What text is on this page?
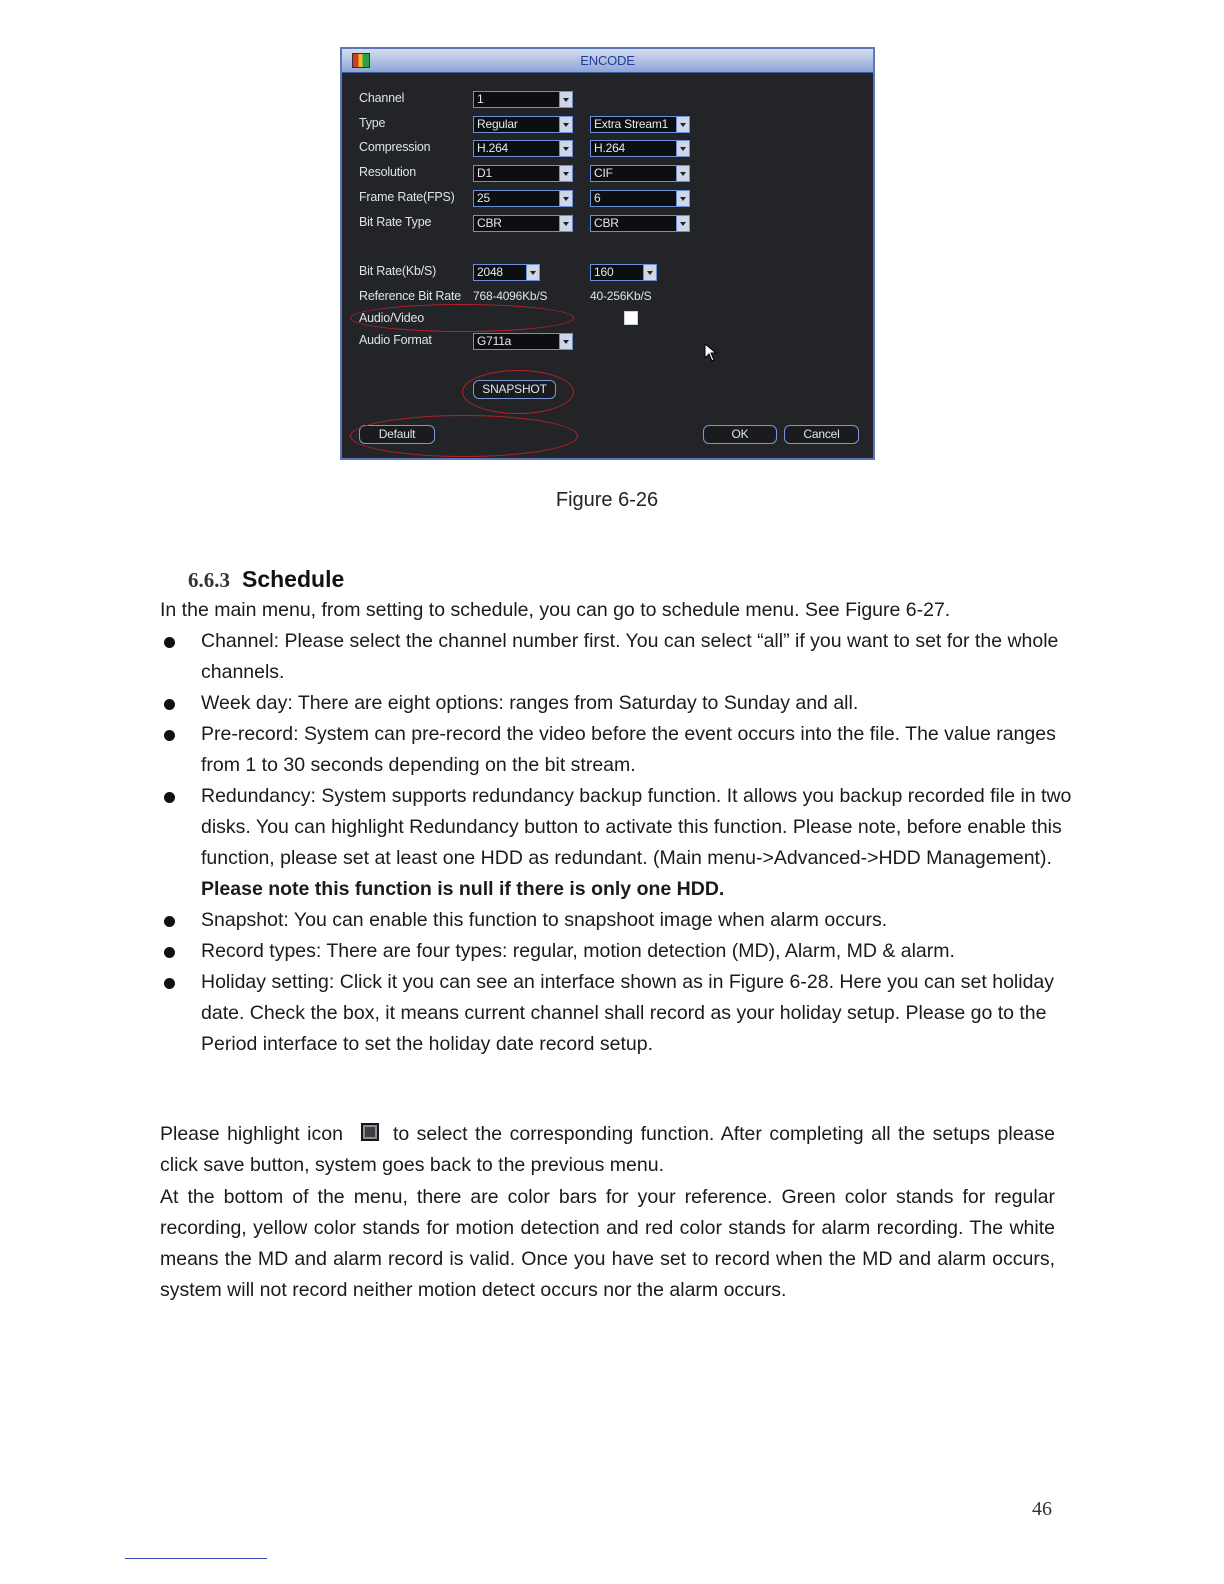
ENCODE
Channel	1
Type	Regular	Extra Stream1
Compression	H.264	H.264
Resolution	D1	CIF
Frame Rate(FPS)	25	6
Bit Rate Type	CBR	CBR
Bit Rate(Kb/S)	2048	160
Reference Bit Rate 768-4096Kb/S	40-256Kb/S
Audio/Video
Audio Format	G711a
SNAPSHOT
Default	OK	Cancel
Figure 6-26
6.6.3 Schedule

In the main menu, from setting to schedule, you can go to schedule menu. See Figure 6-27.

Channel: Please select the channel number first. You can select “all” if you want to set for the whole channels.
Week day: There are eight options: ranges from Saturday to Sunday and all.
Pre-record: System can pre-record the video before the event occurs into the file. The value ranges from 1 to 30 seconds depending on the bit stream.
Redundancy: System supports redundancy backup function. It allows you backup recorded file in two disks. You can highlight Redundancy button to activate this function. Please note, before enable this function, please set at least one HDD as redundant. (Main menu->Advanced->HDD Management). Please note this function is null if there is only one HDD.
Snapshot: You can enable this function to snapshoot image when alarm occurs.
Record types: There are four types: regular, motion detection (MD), Alarm, MD & alarm.
Holiday setting: Click it you can see an interface shown as in Figure 6-28. Here you can set holiday date. Check the box, it means current channel shall record as your holiday setup. Please go to the Period interface to set the holiday date record setup.

Please highlight icon	to select the corresponding function. After completing all the setups please click save button, system goes back to the previous menu.

At the bottom of the menu, there are color bars for your reference. Green color stands for regular recording, yellow color stands for motion detection and red color stands for alarm recording. The white means the MD and alarm record is valid. Once you have set to record when the MD and alarm occurs, system will not record neither motion detect occurs nor the alarm occurs.

46
